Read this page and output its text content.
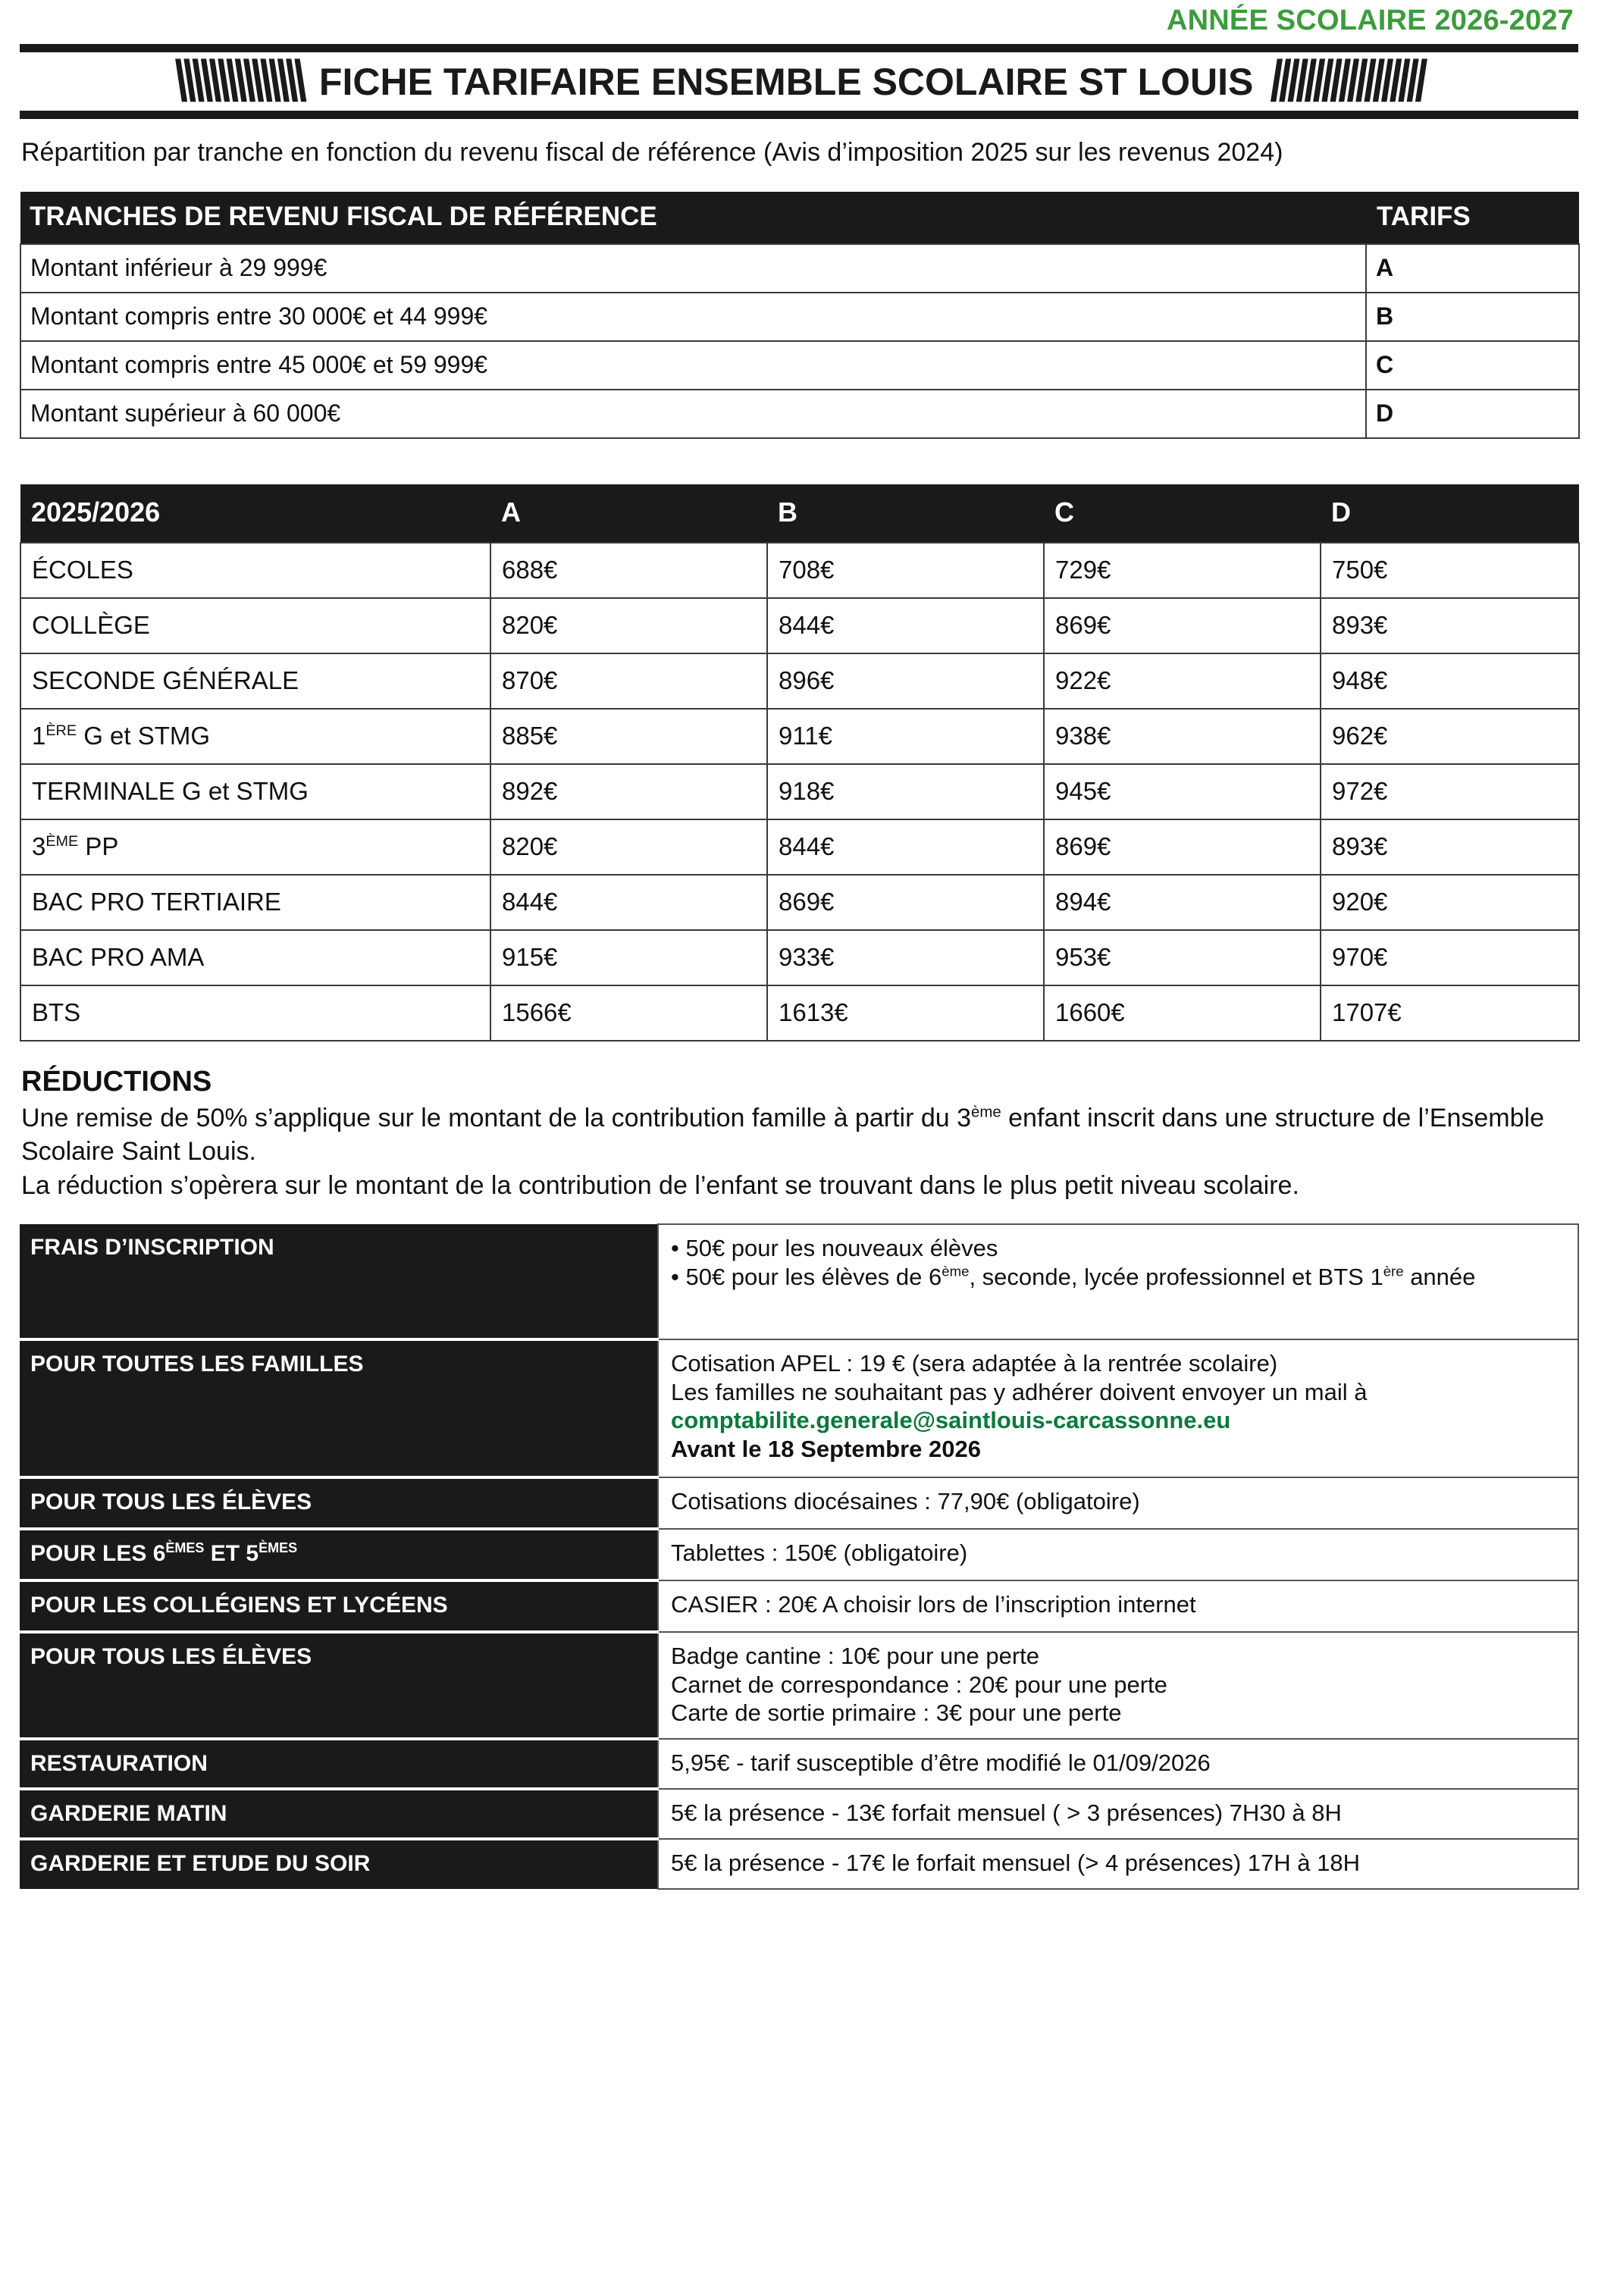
ANNÉE SCOLAIRE 2026-2027
\\\\\\\\\\\\\\\ FICHE TARIFAIRE ENSEMBLE SCOLAIRE ST LOUIS //////////////////
Répartition par tranche en fonction du revenu fiscal de référence (Avis d’imposition 2025 sur les revenus 2024)
TRANCHES DE REVENU FISCAL DE RÉFÉRENCE	TARIFS
Montant inférieur à 29 999€	A
Montant compris entre 30 000€ et 44 999€	B
Montant compris entre 45 000€ et 59 999€	C
Montant supérieur à 60 000€	D
2025/2026	A	B	C	D
ÉCOLES	688€	708€	729€	750€
COLLÈGE	820€	844€	869€	893€
SECONDE GÉNÉRALE	870€	896€	922€	948€
1ÈRE G et STMG	885€	911€	938€	962€
TERMINALE G et STMG	892€	918€	945€	972€
3ÈME PP	820€	844€	869€	893€
BAC PRO TERTIAIRE	844€	869€	894€	920€
BAC PRO AMA	915€	933€	953€	970€
BTS	1566€	1613€	1660€	1707€
RÉDUCTIONS

Une remise de 50% s’applique sur le montant de la contribution famille à partir du 3ème enfant inscrit dans une structure de l’Ensemble Scolaire Saint Louis.

La réduction s’opèrera sur le montant de la contribution de l’enfant se trouvant dans le plus petit niveau scolaire.

FRAIS D’INSCRIPTION	• 50€ pour les nouveaux élèves
• 50€ pour les élèves de 6ème, seconde, lycée professionnel et BTS 1ère année

POUR TOUTES LES FAMILLES	Cotisation APEL : 19 € (sera adaptée à la rentrée scolaire)
Les familles ne souhaitant pas y adhérer doivent envoyer un mail à comptabilite.generale@saintlouis-carcassonne.eu
Avant le 18 Septembre 2026

POUR TOUS LES ÉLÈVES	Cotisations diocésaines : 77,90€ (obligatoire)

POUR LES 6ÈMES ET 5ÈMES	Tablettes : 150€ (obligatoire)

POUR LES COLLÉGIENS ET LYCÉENS	CASIER : 20€ A choisir lors de l’inscription internet

POUR TOUS LES ÉLÈVES	Badge cantine : 10€ pour une perte
Carnet de correspondance : 20€ pour une perte
Carte de sortie primaire : 3€ pour une perte

RESTAURATION	5,95€ - tarif susceptible d’être modifié le 01/09/2026

GARDERIE MATIN	5€ la présence - 13€ forfait mensuel ( > 3 présences) 7H30 à 8H

GARDERIE ET ETUDE DU SOIR	5€ la présence - 17€ le forfait mensuel (> 4 présences) 17H à 18H
